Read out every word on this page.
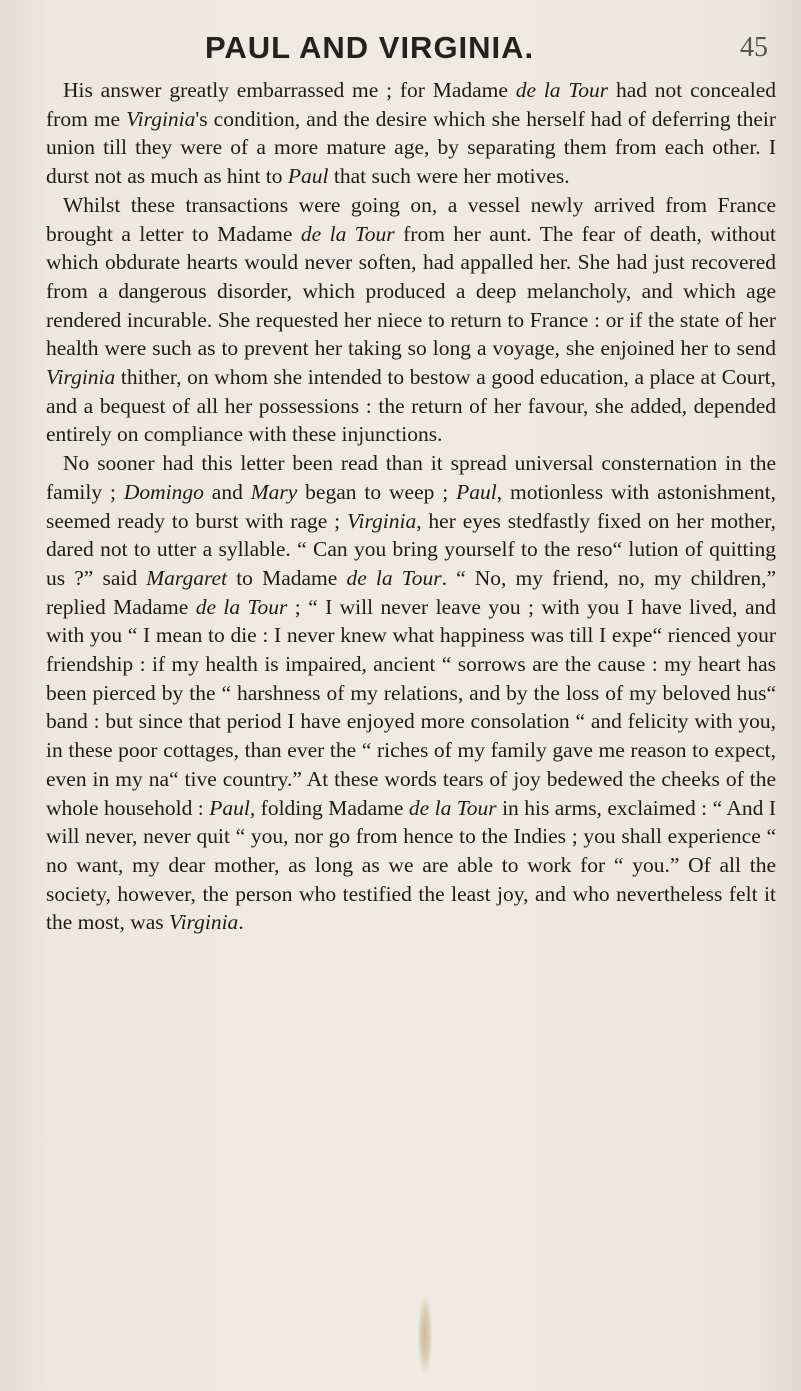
PAUL AND VIRGINIA.	45

His answer greatly embarrassed me ; for Madame de la Tour had not concealed from me Virginia's condition, and the desire which she herself had of deferring their union till they were of a more mature age, by separating them from each other. I durst not as much as hint to Paul that such were her motives.

Whilst these transactions were going on, a vessel newly arrived from France brought a letter to Madame de la Tour from her aunt. The fear of death, without which obdurate hearts would never soften, had appalled her. She had just recovered from a dangerous disorder, which produced a deep melancholy, and which age rendered incurable. She requested her niece to return to France : or if the state of her health were such as to prevent her taking so long a voyage, she enjoined her to send Virginia thither, on whom she intended to bestow a good education, a place at Court, and a bequest of all her possessions : the return of her favour, she added, depended entirely on compliance with these injunctions.

No sooner had this letter been read than it spread universal consternation in the family ; Domingo and Mary began to weep ; Paul, motionless with astonishment, seemed ready to burst with rage ; Virginia, her eyes stedfastly fixed on her mother, dared not to utter a syllable. “ Can you bring yourself to the reso“ lution of quitting us ?” said Margaret to Madame de la Tour. “ No, my friend, no, my children,” replied Madame de la Tour ; “ I will never leave you ; with you I have lived, and with you “ I mean to die : I never knew what happiness was till I expe“ rienced your friendship : if my health is impaired, ancient “ sorrows are the cause : my heart has been pierced by the “ harshness of my relations, and by the loss of my beloved hus“ band : but since that period I have enjoyed more consolation “ and felicity with you, in these poor cottages, than ever the “ riches of my family gave me reason to expect, even in my na“ tive country.” At these words tears of joy bedewed the cheeks of the whole household : Paul, folding Madame de la Tour in his arms, exclaimed : “ And I will never, never quit “ you, nor go from hence to the Indies ; you shall experience “ no want, my dear mother, as long as we are able to work for “ you.” Of all the society, however, the person who testified the least joy, and who nevertheless felt it the most, was Virginia.
